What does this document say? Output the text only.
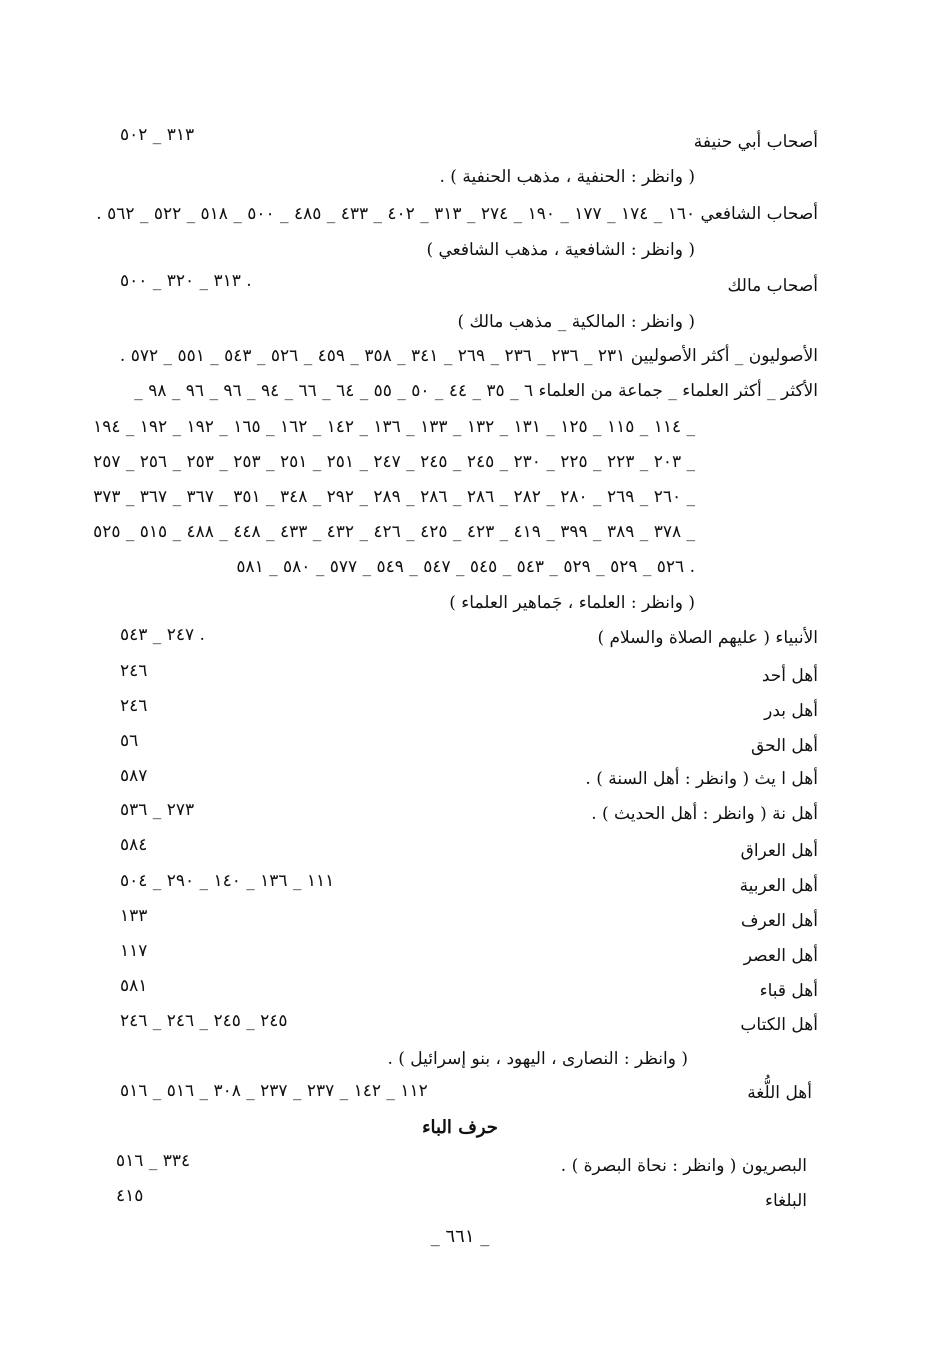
أصحاب أبي حنيفة
٣١٣ _ ٥٠٢
( وانظر : الحنفية ، مذهب الحنفية ) .
أصحاب الشافعي ١٦٠ _ ١٧٤ _ ١٧٧ _ ١٩٠ _ ٢٧٤ _ ٣١٣ _ ٤٠٢ _ ٤٣٣ _ ٤٨٥ _ ٥٠٠ _ ٥١٨ _ ٥٢٢ _ ٥٦٢ .
( وانظر : الشافعية ، مذهب الشافعي )
أصحاب مالك
٣١٣ _ ٣٢٠ _ ٥٠٠ .
( وانظر : المالكية _ مذهب مالك )
الأصوليون _ أكثر الأصوليين ٢٣١ _ ٢٣٦ _ ٢٣٦ _ ٢٦٩ _ ٣٤١ _ ٣٥٨ _ ٤٥٩ _ ٥٢٦ _ ٥٤٣ _ ٥٥١ _ ٥٧٢ .
الأكثر _ أكثر العلماء _ جماعة من العلماء ٦ _ ٣٥ _ ٤٤ _ ٥٠ _ ٥٥ _ ٦٤ _ ٦٦ _ ٩٤ _ ٩٦ _ ٩٦ _ ٩٨ _
١١٤ _ ١١٥ _ ١٢٥ _ ١٣١ _ ١٣٢ _ ١٣٣ _ ١٣٦ _ ١٤٢ _ ١٦٢ _ ١٦٥ _ ١٩٢ _ ١٩٢ _ ١٩٤ _
٢٠٣ _ ٢٢٣ _ ٢٢٥ _ ٢٣٠ _ ٢٤٥ _ ٢٤٥ _ ٢٤٧ _ ٢٥١ _ ٢٥١ _ ٢٥٣ _ ٢٥٣ _ ٢٥٦ _ ٢٥٧ _
٢٦٠ _ ٢٦٩ _ ٢٨٠ _ ٢٨٢ _ ٢٨٦ _ ٢٨٦ _ ٢٨٩ _ ٢٩٢ _ ٣٤٨ _ ٣٥١ _ ٣٦٧ _ ٣٦٧ _ ٣٧٣ _
٣٧٨ _ ٣٨٩ _ ٣٩٩ _ ٤١٩ _ ٤٢٣ _ ٤٢٥ _ ٤٢٦ _ ٤٣٢ _ ٤٣٣ _ ٤٤٨ _ ٤٨٨ _ ٥١٥ _ ٥٢٥ _
٥٢٦ _ ٥٢٩ _ ٥٢٩ _ ٥٤٣ _ ٥٤٥ _ ٥٤٧ _ ٥٤٩ _ ٥٧٧ _ ٥٨٠ _ ٥٨١ .
( وانظر : العلماء ، جَماهير العلماء )
الأنبياء ( عليهم الصلاة والسلام )
٢٤٧ _ ٥٤٣ .
أهل أحد
٢٤٦
أهل بدر
٢٤٦
أهل الحق
٥٦
أهل ا يث ( وانظر : أهل السنة ) .
٥٨٧
أهل نة ( وانظر : أهل الحديث ) .
٢٧٣ _ ٥٣٦
أهل العراق
٥٨٤
أهل العربية
١١١ _ ١٣٦ _ ١٤٠ _ ٢٩٠ _ ٥٠٤
أهل العرف
١٣٣
أهل العصر
١١٧
أهل قباء
٥٨١
أهل الكتاب
٢٤٥ _ ٢٤٥ _ ٢٤٦ _ ٢٤٦
( وانظر : النصارى ، اليهود ، بنو إسرائيل ) .
أهل اللُّغة
١١٢ _ ١٤٢ _ ٢٣٧ _ ٢٣٧ _ ٣٠٨ _ ٥١٦ _ ٥١٦
حرف الباء
البصريون ( وانظر : نحاة البصرة ) .
٣٣٤ _ ٥١٦
البلغاء
٤١٥
_ ٦٦١ _
